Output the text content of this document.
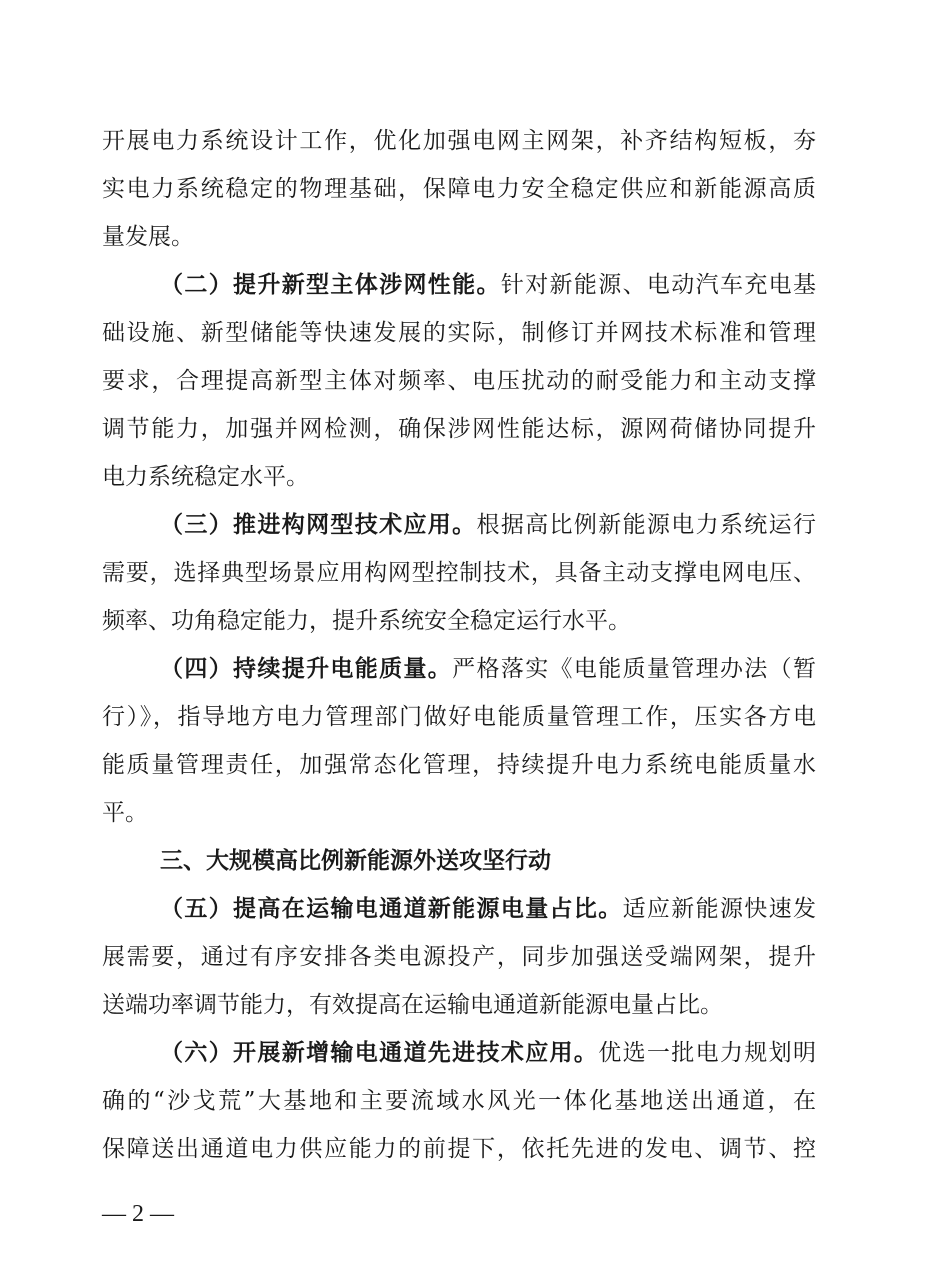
开展电力系统设计工作，优化加强电网主网架，补齐结构短板，夯
实电力系统稳定的物理基础，保障电力安全稳定供应和新能源高质
量发展。
（二）提升新型主体涉网性能。针对新能源、电动汽车充电基
础设施、新型储能等快速发展的实际，制修订并网技术标准和管理
要求，合理提高新型主体对频率、电压扰动的耐受能力和主动支撑
调节能力，加强并网检测，确保涉网性能达标，源网荷储协同提升
电力系统稳定水平。
（三）推进构网型技术应用。根据高比例新能源电力系统运行
需要，选择典型场景应用构网型控制技术，具备主动支撑电网电压、
频率、功角稳定能力，提升系统安全稳定运行水平。
（四）持续提升电能质量。严格落实《电能质量管理办法（暂
行）》，指导地方电力管理部门做好电能质量管理工作，压实各方电
能质量管理责任，加强常态化管理，持续提升电力系统电能质量水
平。
三、大规模高比例新能源外送攻坚行动
（五）提高在运输电通道新能源电量占比。适应新能源快速发
展需要，通过有序安排各类电源投产，同步加强送受端网架，提升
送端功率调节能力，有效提高在运输电通道新能源电量占比。
（六）开展新增输电通道先进技术应用。优选一批电力规划明
确的“沙戈荒”大基地和主要流域水风光一体化基地送出通道，在
保障送出通道电力供应能力的前提下，依托先进的发电、调节、控
— 2 —
